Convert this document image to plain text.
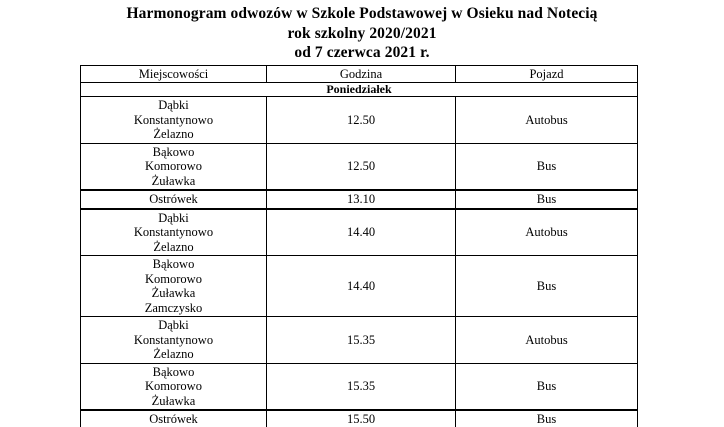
Harmonogram odwozów w Szkole Podstawowej w Osieku nad Notecią
rok szkolny 2020/2021
od 7 czerwca 2021 r.
Miejscowości	Godzina	Pojazd
Poniedziałek		

Dąbki
Konstantynowo
Żelazno	12.50	Autobus

Bąkowo
Komorowo
Żuławka	12.50	Bus

Ostrówek	13.10	Bus

Dąbki
Konstantynowo
Żelazno	14.40	Autobus

Bąkowo
Komorowo
Żuławka
Zamczysko	14.40	Bus

Dąbki
Konstantynowo
Żelazno	15.35	Autobus

Bąkowo
Komorowo
Żuławka	15.35	Bus

Ostrówek	15.50	Bus
